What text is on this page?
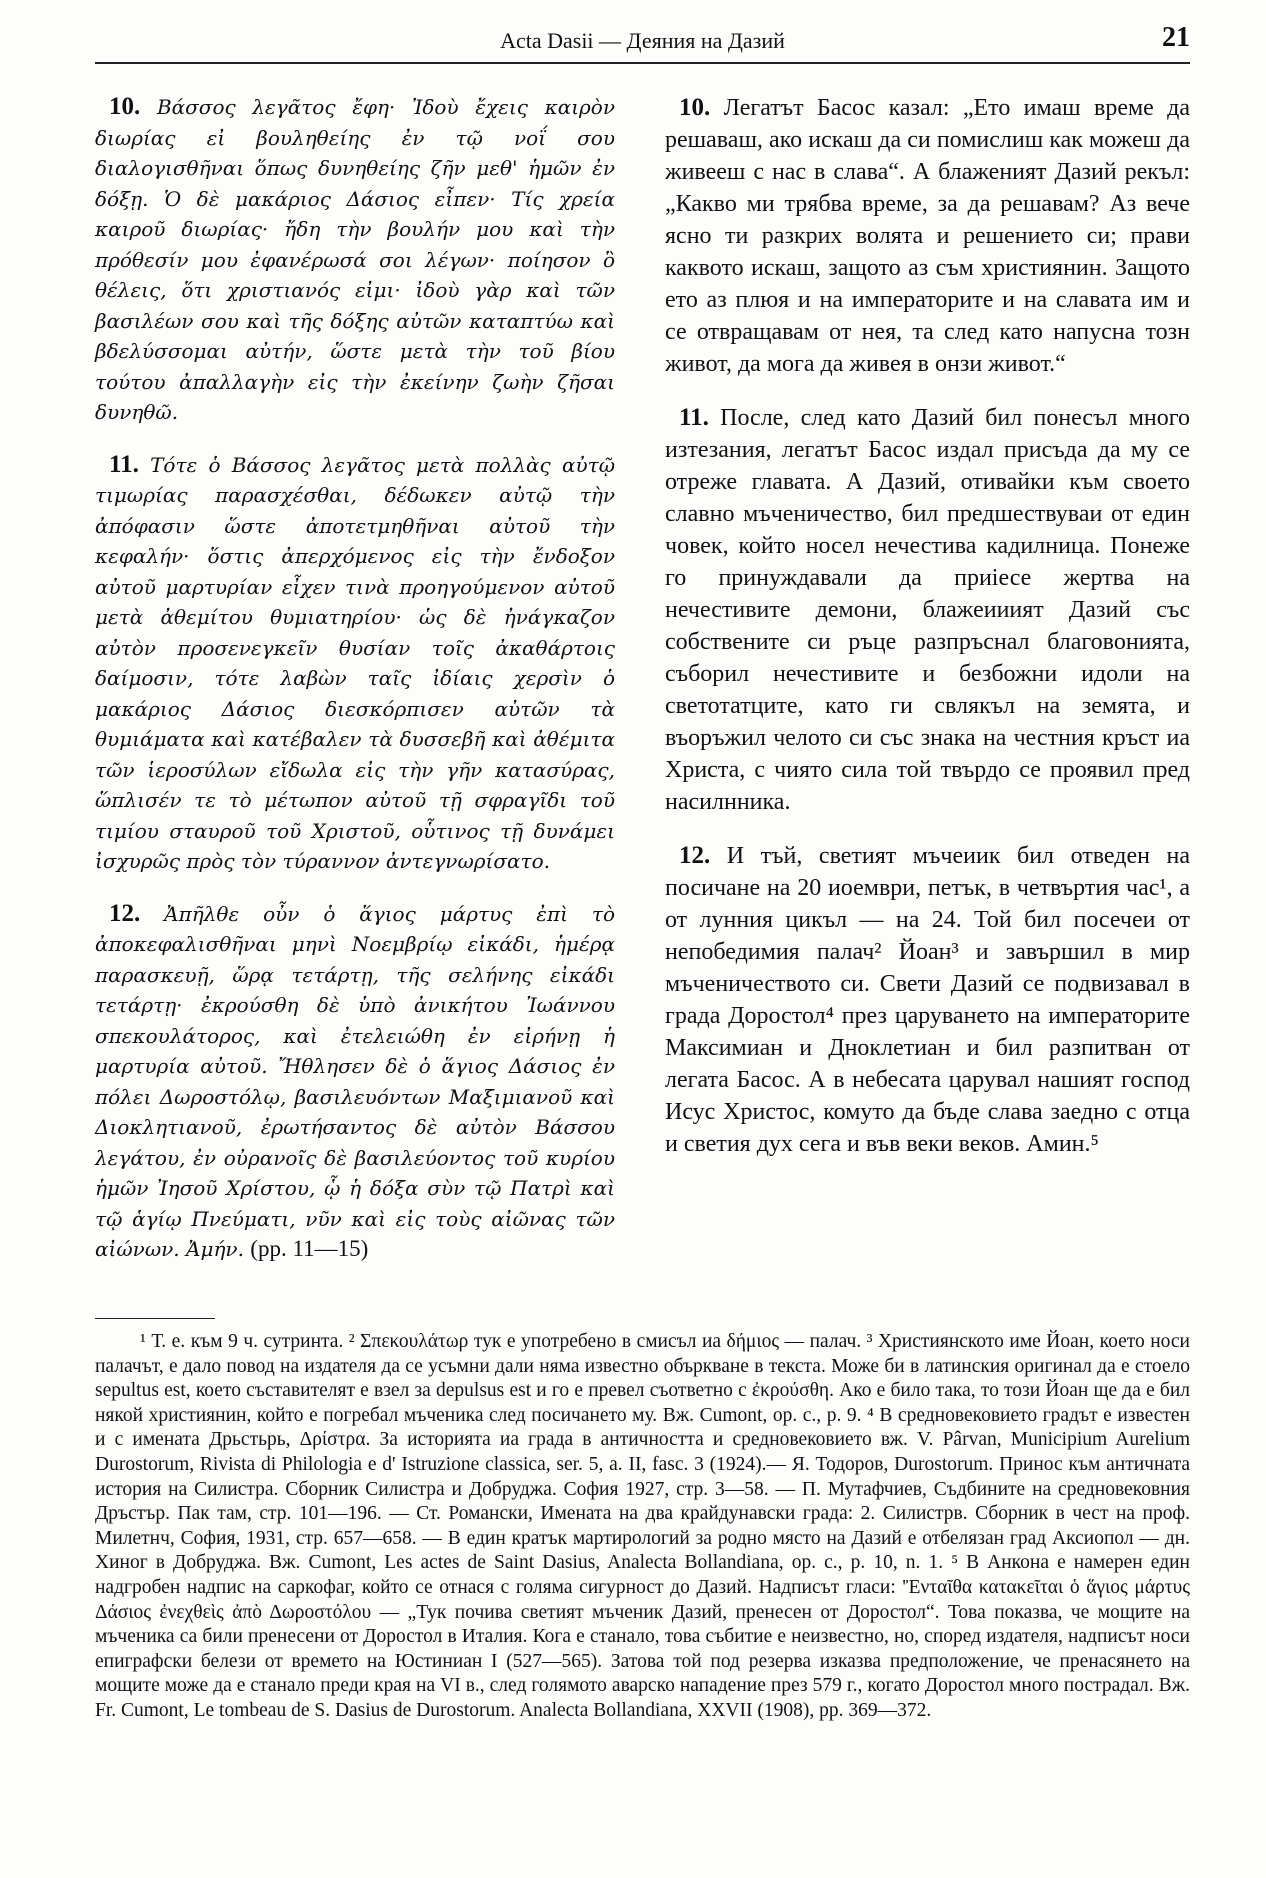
Acta Dasii — Деяния на Дазий	21

10. Βάσσος λεγᾶτος ἔφη· Ἰδοὺ ἔχεις καιρὸν διωρίας εἰ βουληθείης ἐν τῷ νοΐ σου διαλογισθῆναι ὅπως δυνηθείης ζῆν μεθ' ἡμῶν ἐν δόξῃ. Ὁ δὲ μακάριος Δάσιος εἶπεν· Τίς χρεία καιροῦ διωρίας· ἤδη τὴν βουλήν μου καὶ τὴν πρόθεσίν μου ἐφανέρωσά σοι λέγων· ποίησον ὃ θέλεις, ὅτι χριστιανός εἰμι· ἰδοὺ γὰρ καὶ τῶν βασιλέων σου καὶ τῆς δόξης αὐτῶν καταπτύω καὶ βδελύσσομαι αὐτήν, ὥστε μετὰ τὴν τοῦ βίου τούτου ἀπαλλαγὴν εἰς τὴν ἐκείνην ζωὴν ζῆσαι δυνηθῶ.

11. Τότε ὁ Βάσσος λεγᾶτος μετὰ πολλὰς αὐτῷ τιμωρίας παρασχέσθαι, δέδωκεν αὐτῷ τὴν ἀπόφασιν ὥστε ἀποτετμηθῆναι αὐτοῦ τὴν κεφαλήν· ὅστις ἀπερχόμενος εἰς τὴν ἔνδοξον αὐτοῦ μαρτυρίαν εἶχεν τινὰ προηγούμενον αὐτοῦ μετὰ ἀθεμίτου θυμιατηρίου· ὡς δὲ ἠνάγκαζον αὐτὸν προσενεγκεῖν θυσίαν τοῖς ἀκαθάρτοις δαίμοσιν, τότε λαβὼν ταῖς ἰδίαις χερσὶν ὁ μακάριος Δάσιος διεσκόρπισεν αὐτῶν τὰ θυμιάματα καὶ κατέβαλεν τὰ δυσσεβῆ καὶ ἀθέμιτα τῶν ἱεροσύλων εἴδωλα εἰς τὴν γῆν κατασύρας, ὥπλισέν τε τὸ μέτωπον αὐτοῦ τῇ σφραγῖδι τοῦ τιμίου σταυροῦ τοῦ Χριστοῦ, οὗτινος τῇ δυνάμει ἰσχυρῶς πρὸς τὸν τύραννον ἀντεγνωρίσατο.

12. Ἀπῆλθε οὖν ὁ ἅγιος μάρτυς ἐπὶ τὸ ἀποκεφαλισθῆναι μηνὶ Νοεμβρίῳ εἰκάδι, ἡμέρᾳ παρασκευῇ, ὥρᾳ τετάρτῃ, τῆς σελήνης εἰκάδι τετάρτῃ· ἐκρούσθη δὲ ὑπὸ ἀνικήτου Ἰωάννου σπεκουλάτορος, καὶ ἐτελειώθη ἐν εἰρήνῃ ἡ μαρτυρία αὐτοῦ. Ἤθλησεν δὲ ὁ ἅγιος Δάσιος ἐν πόλει Δωροστόλῳ, βασιλευόντων Μαξιμιανοῦ καὶ Διοκλητιανοῦ, ἐρωτήσαντος δὲ αὐτὸν Βάσσου λεγάτου, ἐν οὐρανοῖς δὲ βασιλεύοντος τοῦ κυρίου ἡμῶν Ἰησοῦ Χρίστου, ᾧ ἡ δόξα σὺν τῷ Πατρὶ καὶ τῷ ἁγίῳ Πνεύματι, νῦν καὶ εἰς τοὺς αἰῶνας τῶν αἰώνων. Ἀμήν. (pp. 11—15)

10. Легатът Басос казал: „Ето имаш време да решаваш, ако искаш да си помислиш как можеш да живееш с нас в слава“. А блаженият Дазий рекъл: „Какво ми трябва време, за да решавам? Аз вече ясно ти разкрих волята и решението си; прави каквото искаш, защото аз съм християнин. Защото ето аз плюя и на императорите и на славата им и се отвращавам от нея, та след като напусна тозн живот, да мога да живея в онзи живот.“

11. После, след като Дазий бил понесъл много изтезания, легатът Басос издал присъда да му се отреже главата. А Дазий, отивайки към своето славно мъченичество, бил предшествуваи от един човек, който носел нечестива кадилница. Понеже го принуждавали да приiесе жертва на нечестивите демони, блажеииият Дазий със собствените си ръце разпръснал благовонията, съборил нечестивите и безбожни идоли на светотатците, като ги свлякъл на земята, и въоръжил челото си със знака на честния кръст иа Христа, с чиято сила той твърдо се проявил пред насилнника.

12. И тъй, светият мъчеиик бил отведен на посичане на 20 иоември, петък, в четвъртия час¹, а от лунния цикъл — на 24. Той бил посечеи от непобедимия палач² Йоан³ и завършил в мир мъченичеството си. Свети Дазий се подвизавал в града Доростол⁴ през царуването на императорите Максимиан и Днοклетиан и бил разпитван от легата Басос. А в небесата царувал нашият господ Исус Христос, комуто да бъде слава заедно с отца и светия дух сега и във веки веков. Амин.⁵

¹ Т. е. към 9 ч. сутринта. ² Σπεκουλάτωρ тук е употребено в смисъл иа δήμιος — палач. ³ Християнското име Йоан, което носи палачът, е дало повод на издателя да се усъмни дали няма известно объркване в текста. Може би в латинския оригинал да е стоело sepultus est, което съставителят е взел за depulsus est и го е превел съответно с ἐκρούσθη. Ако е било така, то този Йоан ще да е бил някой християнин, който е погребал мъченика след посичането му. Вж. Cumont, op. c., p. 9. ⁴ В средновековието градът е известен и с имената Дрьстьрь, Δρίστρα. За историята иа града в античността и средновековието вж. V. Pârvan, Municipium Aurelium Durostorum, Rivista di Philologia e d' Istruzione classica, ser. 5, a. II, fasc. 3 (1924).— Я. Тодоров, Durostorum. Принос към античната история на Силистра. Сборник Силистра и Добруджа. София 1927, стр. 3—58. — П. Мутафчиев, Съдбините на средновековния Дръстър. Пак там, стр. 101—196. — Ст. Романски, Имената на два крайдунавски града: 2. Силистрв. Сборник в чест на проф. Милетнч, София, 1931, стр. 657—658. — В един кратък мартирологий за родно място на Дазий е отбелязан град Аксиопол — дн. Хинοг в Добруджа. Вж. Cumont, Les actes de Saint Dasius, Analecta Bollandiana, op. c., p. 10, n. 1. ⁵ В Анкона е намерен един надгробен надпис на саркофаг, който се отнася с голяма сигурност до Дазий. Надписът гласи: 'Ἐνταῖθα κατακεῖται ὁ ἅγιος μάρτυς Δάσιος ἐνεχθεὶς ἀπὸ Δωροστόλου — „Тук почива светият мъченик Дазий, пренесен от Доростол“. Това показва, че мощите на мъченика са били пренесени от Доростол в Италия. Кога е станало, това събитие е неизвестно, но, според издателя, надписът носи епиграфски белези от времето на Юстиниан I (527—565). Затова той под резерва изказва предположение, че пренасянето на мощите може да е станало преди края на VI в., след голямото аварско нападение през 579 г., когато Доростол много пострадал. Вж. Fr. Cumont, Le tombeau de S. Dasius de Durostorum. Analecta Bollandiana, XXVII (1908), pp. 369—372.
